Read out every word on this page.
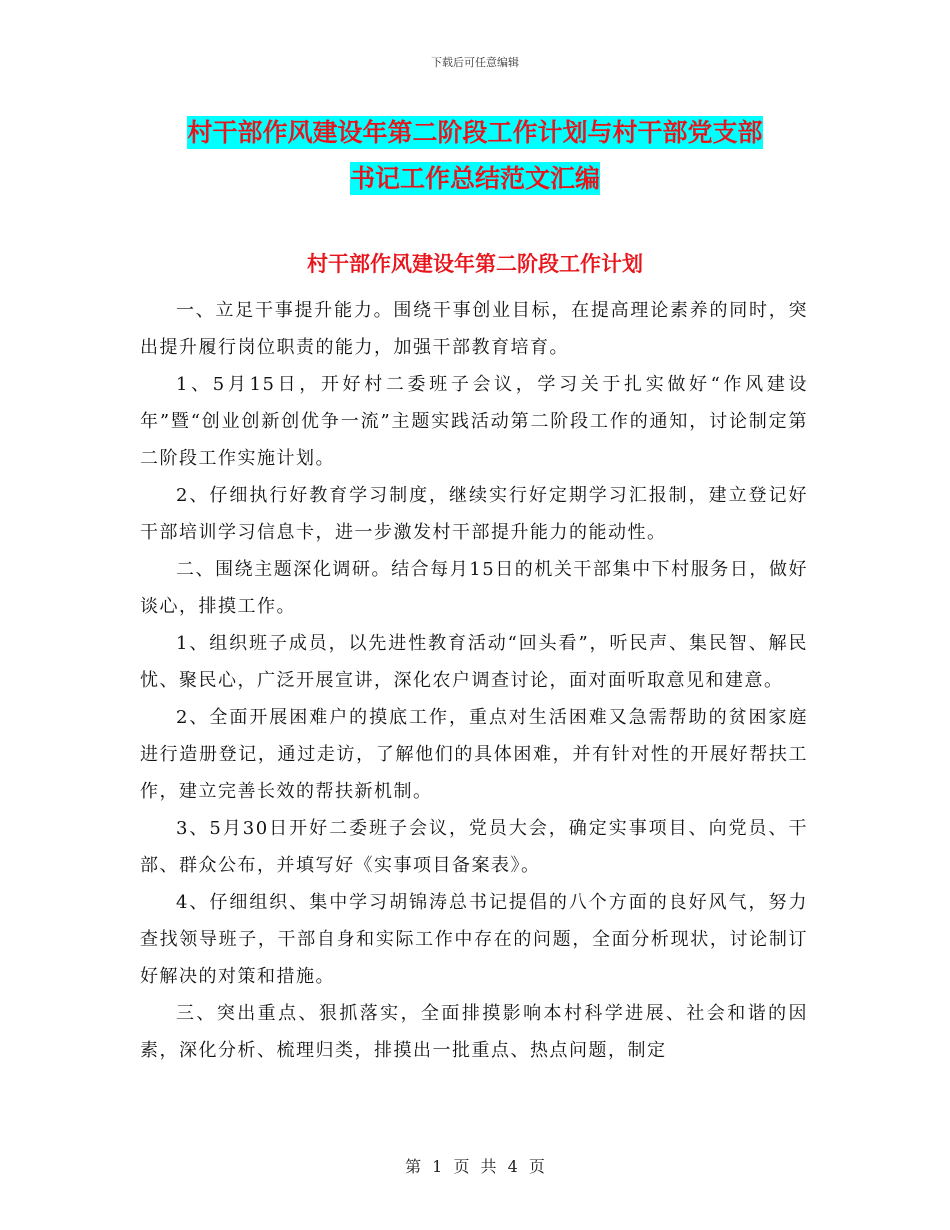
下载后可任意编辑
村干部作风建设年第二阶段工作计划与村干部党支部
书记工作总结范文汇编
村干部作风建设年第二阶段工作计划

一、立足干事提升能力。围绕干事创业目标，在提高理论素养的同时，突出提升履行岗位职责的能力，加强干部教育培育。

1、5月15日，开好村二委班子会议，学习关于扎实做好“作风建设年”暨“创业创新创优争一流”主题实践活动第二阶段工作的通知，讨论制定第二阶段工作实施计划。

2、仔细执行好教育学习制度，继续实行好定期学习汇报制，建立登记好干部培训学习信息卡，进一步激发村干部提升能力的能动性。

二、围绕主题深化调研。结合每月15日的机关干部集中下村服务日，做好谈心，排摸工作。

1、组织班子成员，以先进性教育活动“回头看”，听民声、集民智、解民忧、聚民心，广泛开展宣讲，深化农户调查讨论，面对面听取意见和建意。

2、全面开展困难户的摸底工作，重点对生活困难又急需帮助的贫困家庭进行造册登记，通过走访，了解他们的具体困难，并有针对性的开展好帮扶工作，建立完善长效的帮扶新机制。

3、5月30日开好二委班子会议，党员大会，确定实事项目、向党员、干部、群众公布，并填写好《实事项目备案表》。

4、仔细组织、集中学习胡锦涛总书记提倡的八个方面的良好风气，努力查找领导班子，干部自身和实际工作中存在的问题，全面分析现状，讨论制订好解决的对策和措施。

三、突出重点、狠抓落实，全面排摸影响本村科学进展、社会和谐的因素，深化分析、梳理归类，排摸出一批重点、热点问题，制定

第 1 页 共 4 页
